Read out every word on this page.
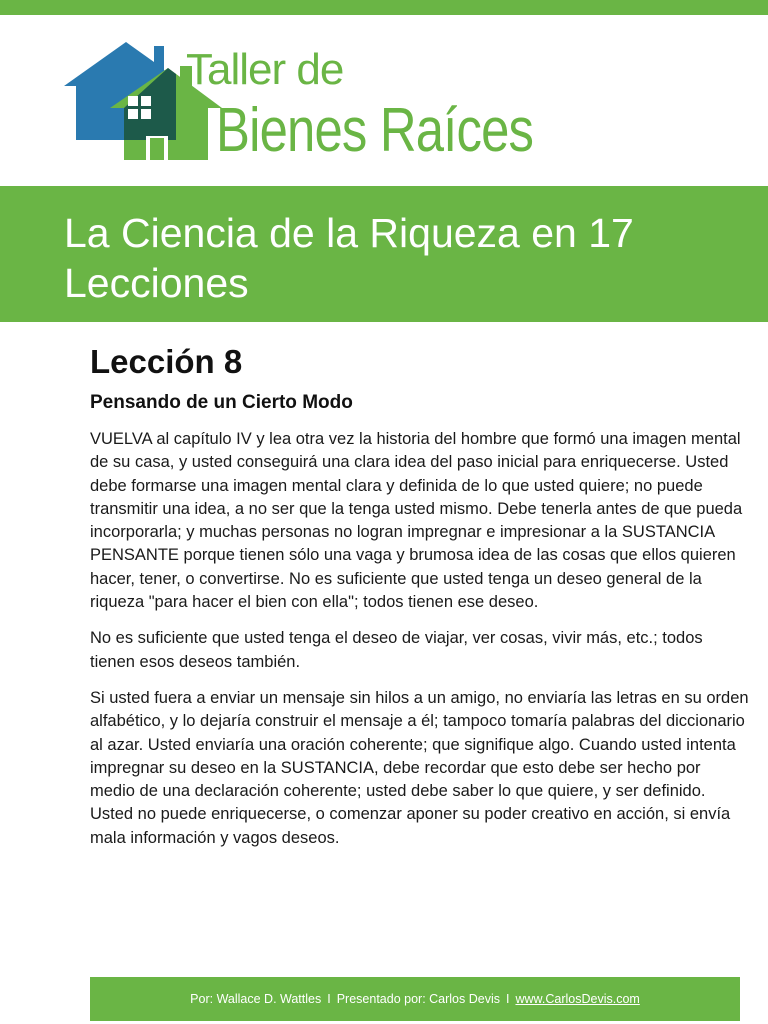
Taller de
Bienes Raíces
La Ciencia de la Riqueza en 17 Lecciones
Lección 8
Pensando de un Cierto Modo

VUELVA al capítulo IV y lea otra vez la historia del hombre que formó una imagen mental de su casa, y usted conseguirá una clara idea del paso inicial para enriquecerse. Usted debe formarse una imagen mental clara y definida de lo que usted quiere; no puede transmitir una idea, a no ser que la tenga usted mismo. Debe tenerla antes de que pueda incorporarla; y muchas personas no logran impregnar e impresionar a la SUSTANCIA PENSANTE porque tienen sólo una vaga y brumosa idea de las cosas que ellos quieren hacer, tener, o convertirse. No es suficiente que usted tenga un deseo general de la riqueza "para hacer el bien con ella"; todos tienen ese deseo.

No es suficiente que usted tenga el deseo de viajar, ver cosas, vivir más, etc.; todos tienen esos deseos también.

Si usted fuera a enviar un mensaje sin hilos a un amigo, no enviaría las letras en su orden alfabético, y lo dejaría construir el mensaje a él; tampoco tomaría palabras del diccionario al azar. Usted enviaría una oración coherente; que signifique algo. Cuando usted intenta impregnar su deseo en la SUSTANCIA, debe recordar que esto debe ser hecho por medio de una declaración coherente; usted debe saber lo que quiere, y ser definido. Usted no puede enriquecerse, o comenzar aponer su poder creativo en acción, si envía mala información y vagos deseos.

Por: Wallace D. Wattles I Presentado por: Carlos Devis I www.CarlosDevis.com
